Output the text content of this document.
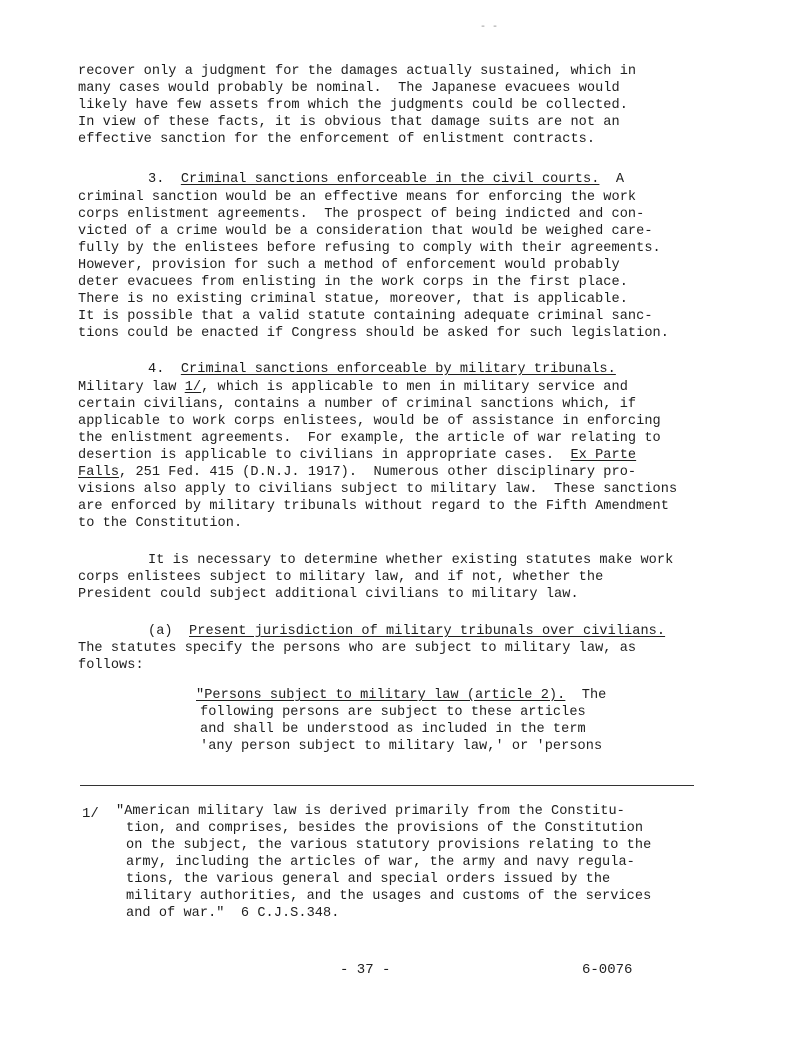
- -
recover only a judgment for the damages actually sustained, which in
many cases would probably be nominal.  The Japanese evacuees would
likely have few assets from which the judgments could be collected.
In view of these facts, it is obvious that damage suits are not an
effective sanction for the enforcement of enlistment contracts.
3. Criminal sanctions enforceable in the civil courts. A
criminal sanction would be an effective means for enforcing the work
corps enlistment agreements.  The prospect of being indicted and con-
victed of a crime would be a consideration that would be weighed care-
fully by the enlistees before refusing to comply with their agreements.
However, provision for such a method of enforcement would probably
deter evacuees from enlisting in the work corps in the first place.
There is no existing criminal statue, moreover, that is applicable.
It is possible that a valid statute containing adequate criminal sanc-
tions could be enacted if Congress should be asked for such legislation.
4. Criminal sanctions enforceable by military tribunals.
Military law 1/, which is applicable to men in military service and
certain civilians, contains a number of criminal sanctions which, if
applicable to work corps enlistees, would be of assistance in enforcing
the enlistment agreements.  For example, the article of war relating to
desertion is applicable to civilians in appropriate cases.  Ex Parte
Falls, 251 Fed. 415 (D.N.J. 1917).  Numerous other disciplinary pro-
visions also apply to civilians subject to military law.  These sanctions
are enforced by military tribunals without regard to the Fifth Amendment
to the Constitution.
It is necessary to determine whether existing statutes make work
corps enlistees subject to military law, and if not, whether the
President could subject additional civilians to military law.
(a) Present jurisdiction of military tribunals over civilians.
The statutes specify the persons who are subject to military law, as
follows:
"Persons subject to military law (article 2).  The
following persons are subject to these articles
and shall be understood as included in the term
'any person subject to military law,' or 'persons
1/ "American military law is derived primarily from the Constitu-
tion, and comprises, besides the provisions of the Constitution
on the subject, the various statutory provisions relating to the
army, including the articles of war, the army and navy regula-
tions, the various general and special orders issued by the
military authorities, and the usages and customs of the services
and of war."  6 C.J.S.348.
- 37 -	6-0076
